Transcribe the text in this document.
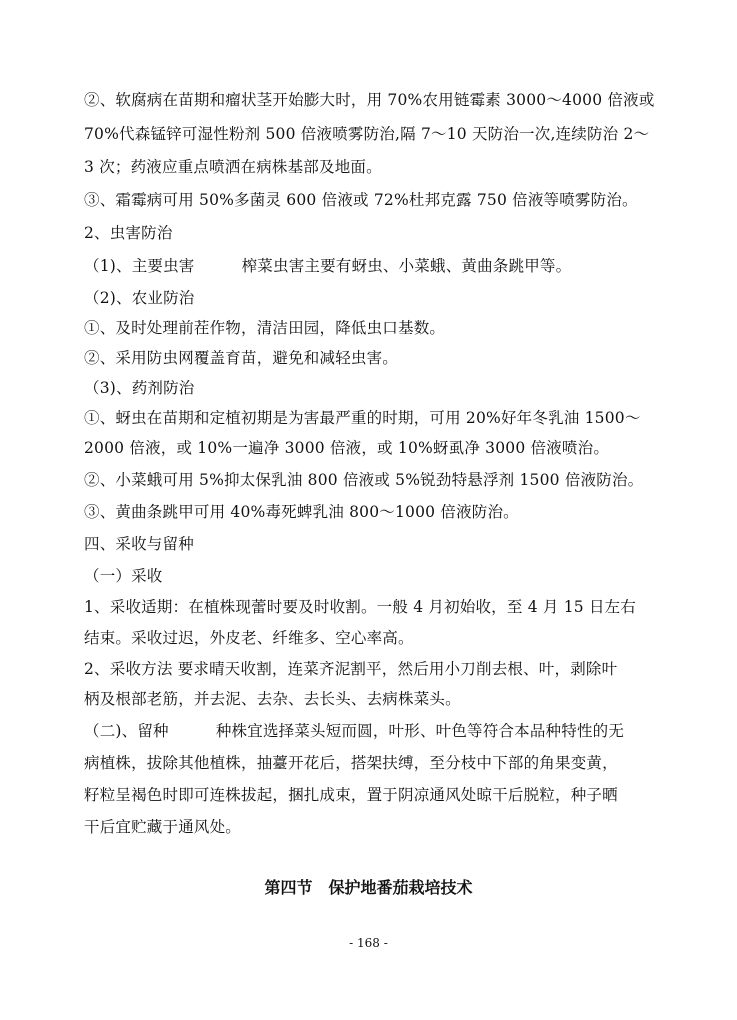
②、软腐病在苗期和瘤状茎开始膨大时，用 70%农用链霉素 3000～4000 倍液或
70%代森锰锌可湿性粉剂 500 倍液喷雾防治,隔 7～10 天防治一次,连续防治 2～
3 次；药液应重点喷洒在病株基部及地面。
③、霜霉病可用 50%多菌灵 600 倍液或 72%杜邦克露 750 倍液等喷雾防治。
2、虫害防治
（1)、主要虫害　　　榨菜虫害主要有蚜虫、小菜蛾、黄曲条跳甲等。
（2)、农业防治
①、及时处理前茬作物，清洁田园，降低虫口基数。
②、采用防虫网覆盖育苗，避免和减轻虫害。
（3)、药剂防治
①、蚜虫在苗期和定植初期是为害最严重的时期，可用 20%好年冬乳油 1500～
2000 倍液，或 10%一遍净 3000 倍液，或 10%蚜虱净 3000 倍液喷治。
②、小菜蛾可用 5%抑太保乳油 800 倍液或 5%锐劲特悬浮剂 1500 倍液防治。
③、黄曲条跳甲可用 40%毒死蜱乳油 800～1000 倍液防治。
四、采收与留种
（一）采收
1、采收适期：在植株现蕾时要及时收割。一般 4 月初始收，至 4 月 15 日左右
结束。采收过迟，外皮老、纤维多、空心率高。
2、采收方法 要求晴天收割，连菜齐泥割平，然后用小刀削去根、叶，剥除叶
柄及根部老筋，并去泥、去杂、去长头、去病株菜头。
（二)、留种　　　种株宜选择菜头短而圆，叶形、叶色等符合本品种特性的无
病植株，拔除其他植株，抽薹开花后，搭架扶缚，至分枝中下部的角果变黄，
籽粒呈褐色时即可连株拔起，捆扎成束，置于阴凉通风处晾干后脱粒，种子晒
干后宜贮藏于通风处。
第四节　保护地番茄栽培技术
- 168 -
